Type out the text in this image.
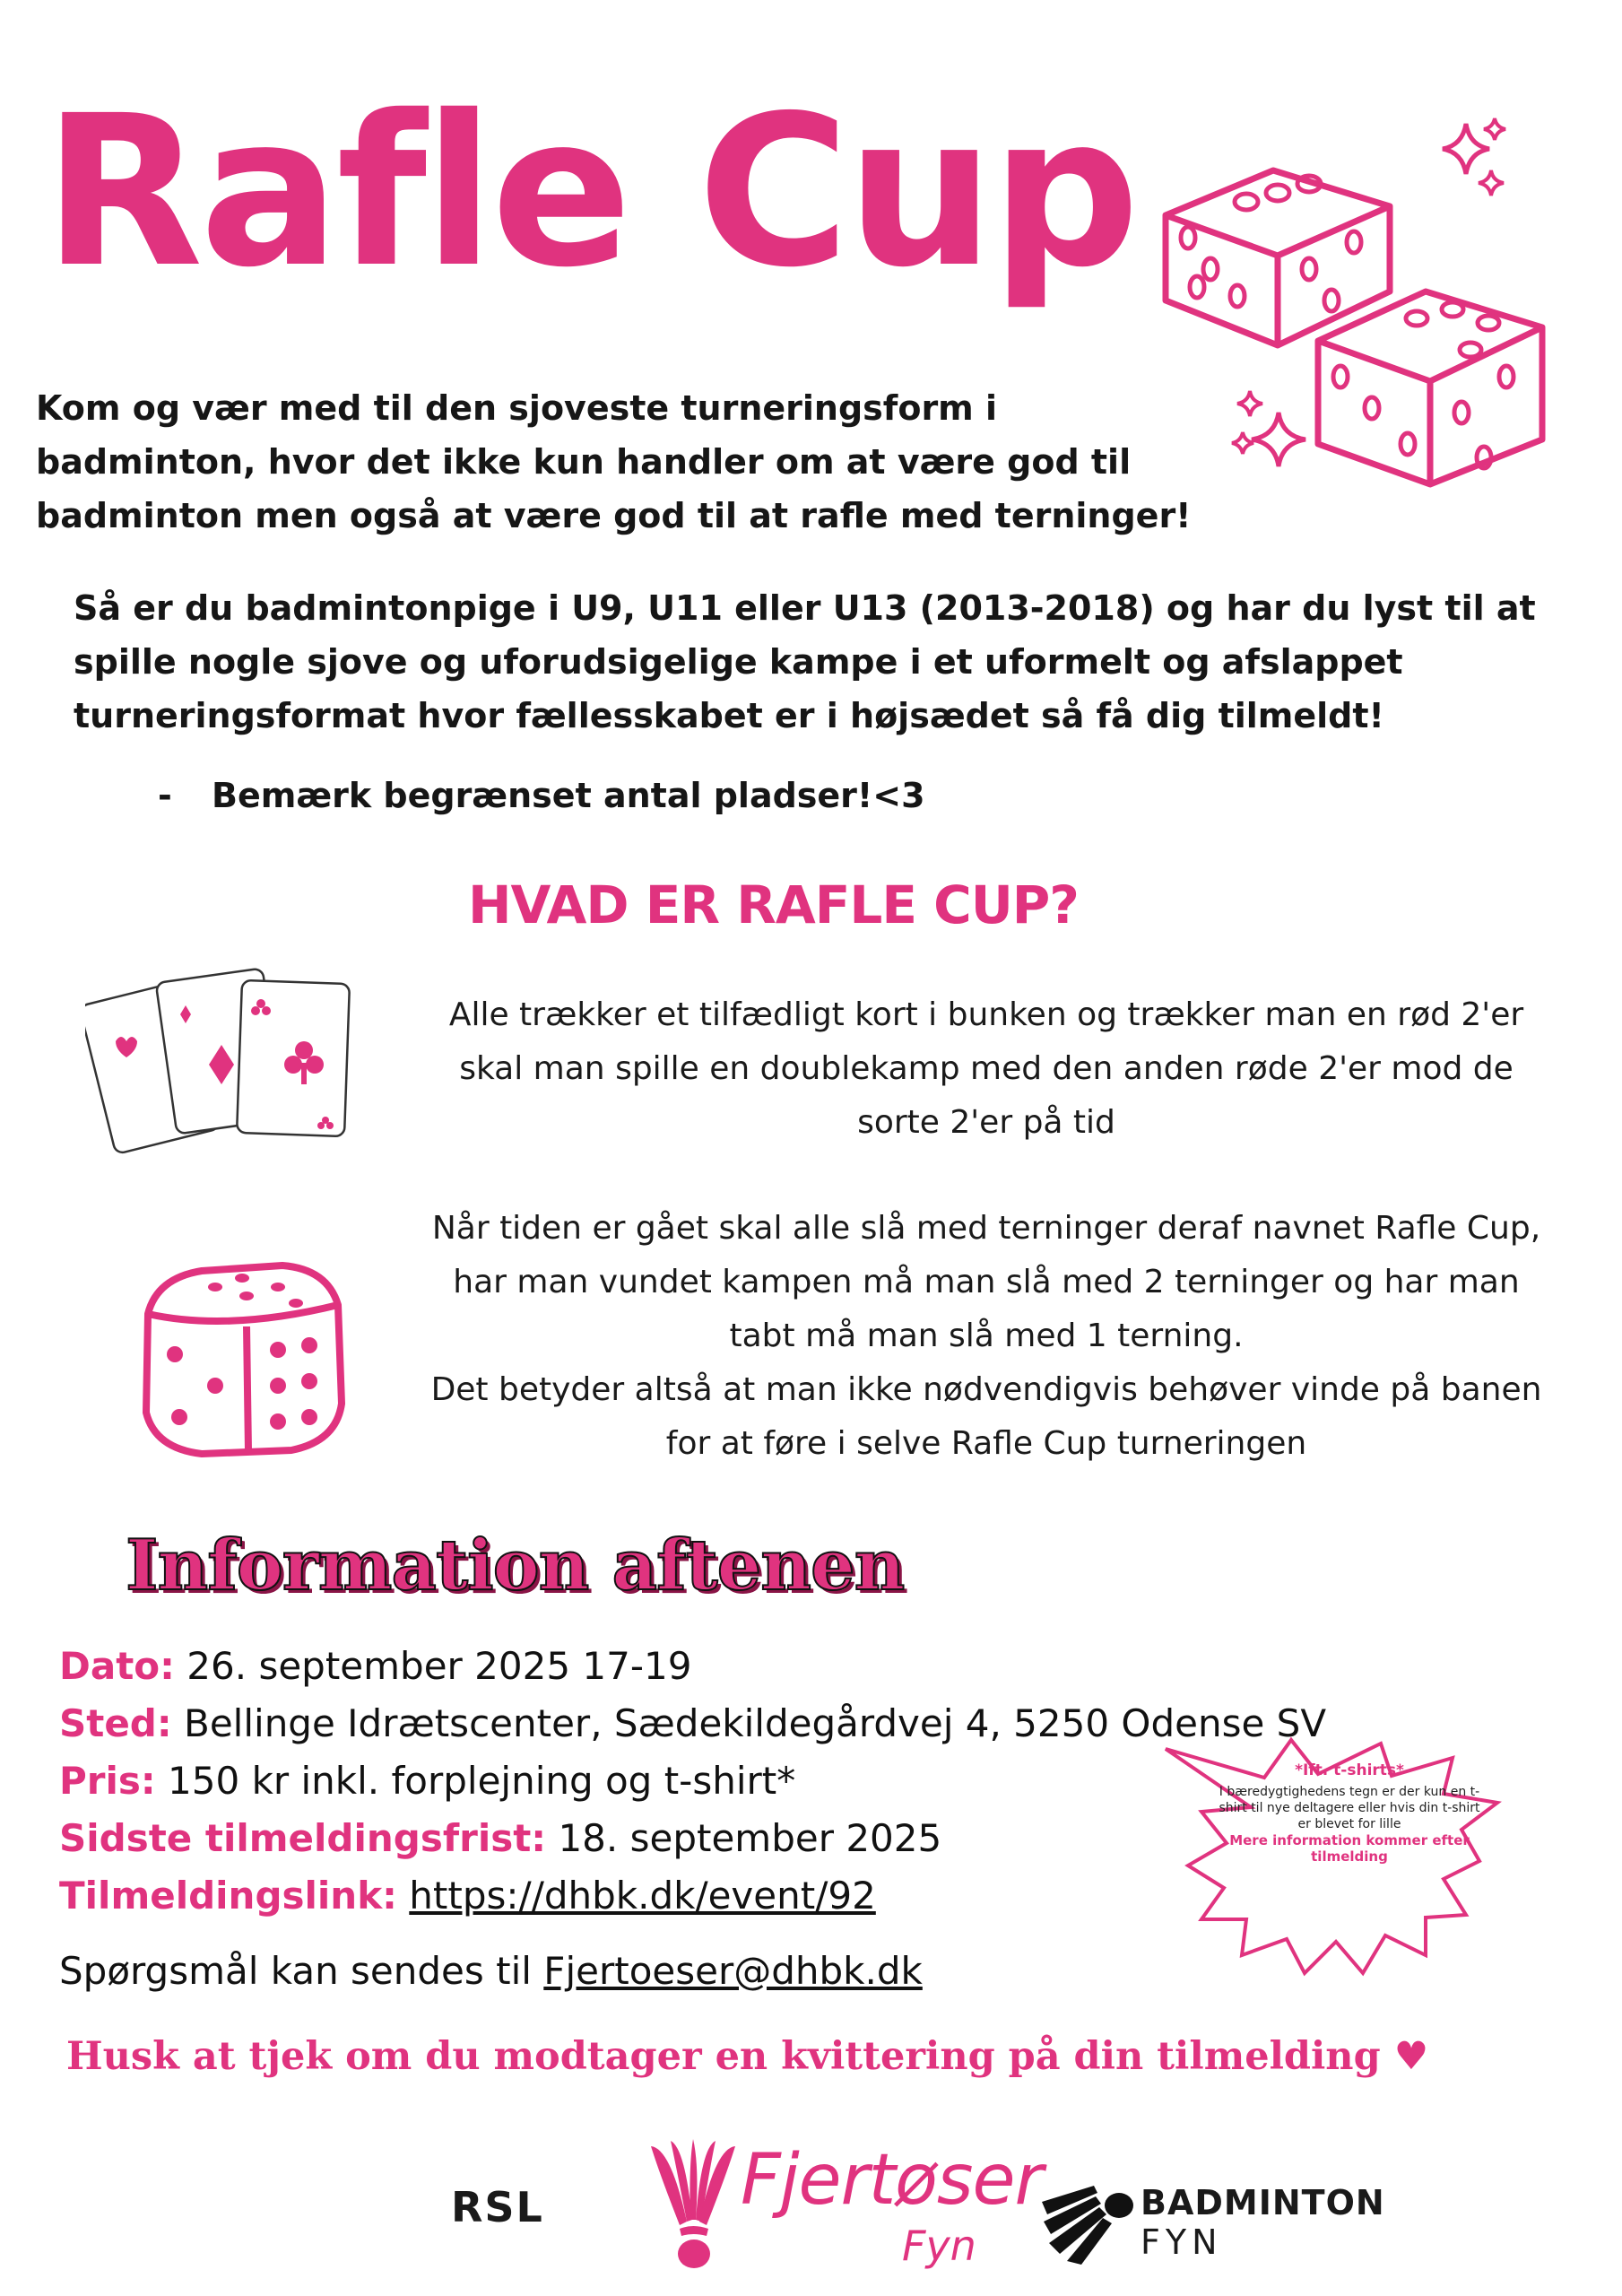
Rafle Cup

Kom og vær med til den sjoveste turneringsform i badminton, hvor det ikke kun handler om at være god til badminton men også at være god til at rafle med terninger!

Så er du badmintonpige i U9, U11 eller U13 (2013-2018) og har du lyst til at spille nogle sjove og uforudsigelige kampe i et uformelt og afslappet turneringsformat hvor fællesskabet er i højsædet så få dig tilmeldt!

- Bemærk begrænset antal pladser!<3

HVAD ER RAFLE CUP?

Alle trækker et tilfædligt kort i bunken og trækker man en rød 2'er skal man spille en doublekamp med den anden røde 2'er mod de sorte 2'er på tid

Når tiden er gået skal alle slå med terninger deraf navnet Rafle Cup, har man vundet kampen må man slå med 2 terninger og har man tabt må man slå med 1 terning.

Det betyder altså at man ikke nødvendigvis behøver vinde på banen for at føre i selve Rafle Cup turneringen

Information aftenen

Dato: 26. september 2025 17-19

Sted: Bellinge Idrætscenter, Sædekildegårdvej 4, 5250 Odense SV

Pris: 150 kr inkl. forplejning og t-shirt*

Sidste tilmeldingsfrist: 18. september 2025

Tilmeldingslink: https://dhbk.dk/event/92

Spørgsmål kan sendes til Fjertoeser@dhbk.dk

*Ift. t-shirts*
I bæredygtighedens tegn er der kun en t-shirt til nye deltagere eller hvis din t-shirt er blevet for lille
Mere information kommer efter tilmelding

Husk at tjek om du modtager en kvittering på din tilmelding ♥

RSL	Fjertøser
Fyn
BADMINTON
FYN
